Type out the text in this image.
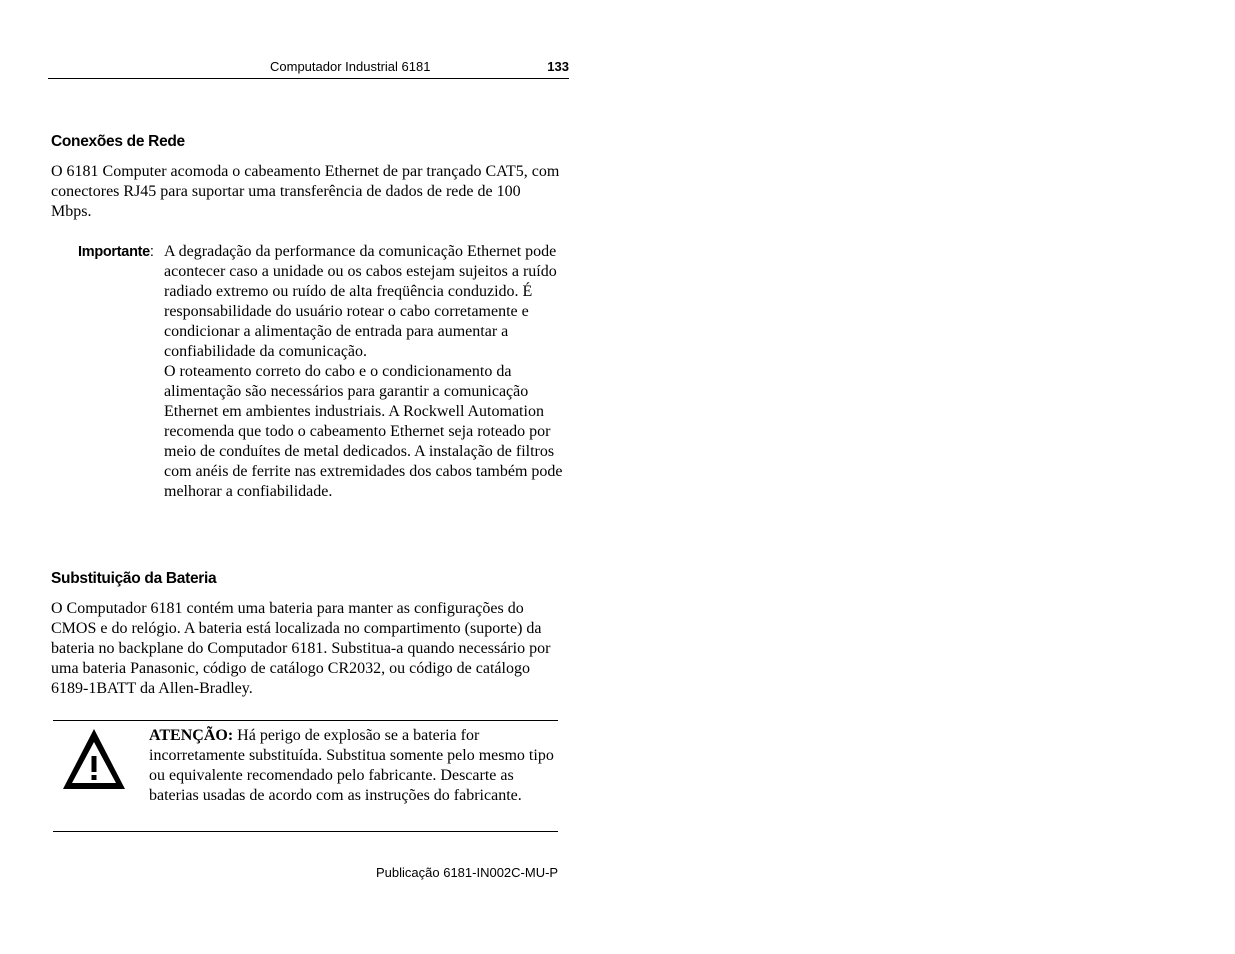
Computador Industrial 6181	133
Conexões de Rede

O 6181 Computer acomoda o cabeamento Ethernet de par trançado CAT5, com conectores RJ45 para suportar uma transferência de dados de rede de 100 Mbps.

Importante: A degradação da performance da comunicação Ethernet pode acontecer caso a unidade ou os cabos estejam sujeitos a ruído radiado extremo ou ruído de alta freqüência conduzido. É responsabilidade do usuário rotear o cabo corretamente e condicionar a alimentação de entrada para aumentar a confiabilidade da comunicação.

O roteamento correto do cabo e o condicionamento da alimentação são necessários para garantir a comunicação Ethernet em ambientes industriais. A Rockwell Automation recomenda que todo o cabeamento Ethernet seja roteado por meio de conduítes de metal dedicados. A instalação de filtros com anéis de ferrite nas extremidades dos cabos também pode melhorar a confiabilidade.

Substituição da Bateria

O Computador 6181 contém uma bateria para manter as configurações do CMOS e do relógio. A bateria está localizada no compartimento (suporte) da bateria no backplane do Computador 6181. Substitua-a quando necessário por uma bateria Panasonic, código de catálogo CR2032, ou código de catálogo 6189-1BATT da Allen-Bradley.

ATENÇÃO: Há perigo de explosão se a bateria for incorretamente substituída. Substitua somente pelo mesmo tipo ou equivalente recomendado pelo fabricante. Descarte as baterias usadas de acordo com as instruções do fabricante.
Publicação 6181-IN002C-MU-P
